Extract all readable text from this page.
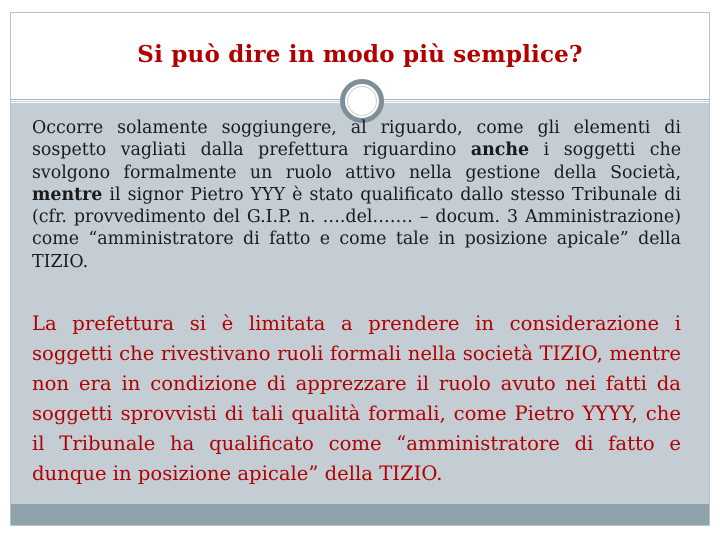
Si può dire in modo più semplice?

Occorre solamente soggiungere, al riguardo, come gli elementi di sospetto vagliati dalla prefettura riguardino anche i soggetti che svolgono formalmente un ruolo attivo nella gestione della Società, mentre il signor Pietro YYY è stato qualificato dallo stesso Tribunale di (cfr. provvedimento del G.I.P. n. ….del……. – docum. 3 Amministrazione) come “amministratore di fatto e come tale in posizione apicale” della TIZIO.

La prefettura si è limitata a prendere in considerazione i soggetti che rivestivano ruoli formali nella società TIZIO, mentre non era in condizione di apprezzare il ruolo avuto nei fatti da soggetti sprovvisti di tali qualità formali, come Pietro YYYY, che il Tribunale ha qualificato come “amministratore di fatto e dunque in posizione apicale” della TIZIO.
